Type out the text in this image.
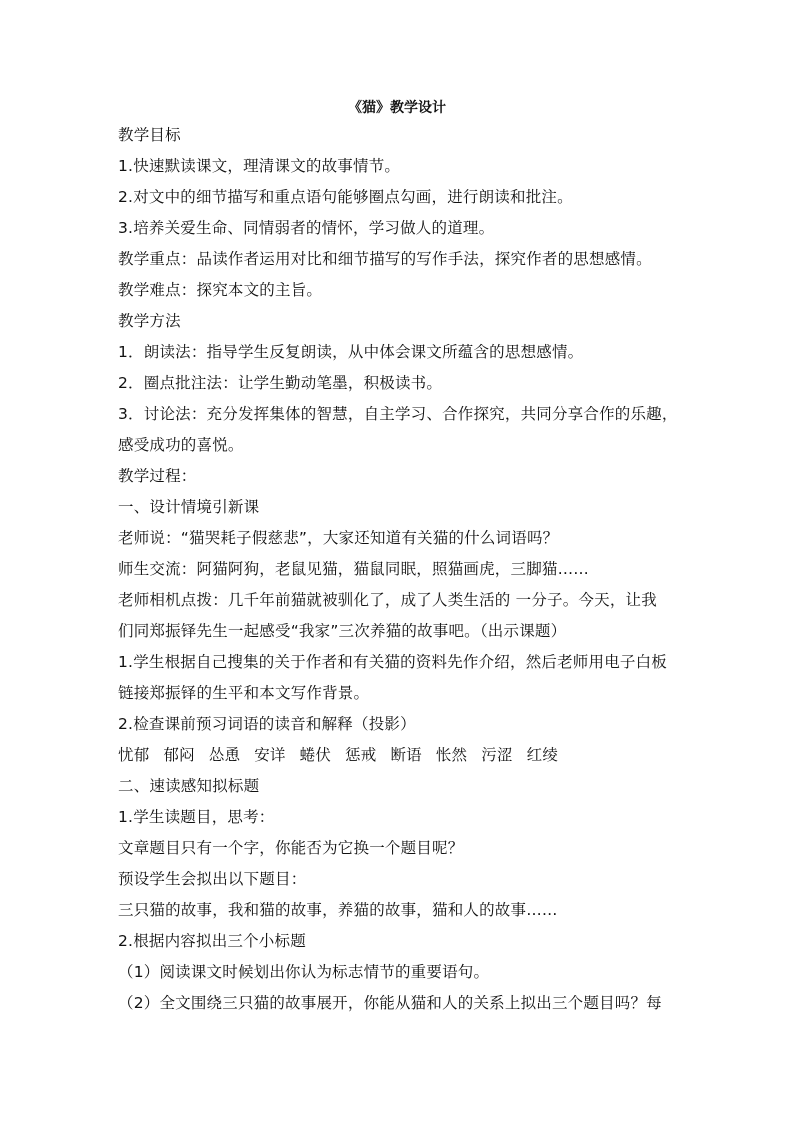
《猫》教学设计
教学目标
1.快速默读课文，理清课文的故事情节。
2.对文中的细节描写和重点语句能够圈点勾画，进行朗读和批注。
3.培养关爱生命、同情弱者的情怀，学习做人的道理。
教学重点：品读作者运用对比和细节描写的写作手法，探究作者的思想感情。
教学难点：探究本文的主旨。
教学方法
1．朗读法：指导学生反复朗读，从中体会课文所蕴含的思想感情。
2．圈点批注法：让学生勤动笔墨，积极读书。
3．讨论法：充分发挥集体的智慧，自主学习、合作探究，共同分享合作的乐趣，
感受成功的喜悦。
教学过程：
一、设计情境引新课
老师说：“猫哭耗子假慈悲”，大家还知道有关猫的什么词语吗？
师生交流：阿猫阿狗，老鼠见猫，猫鼠同眠，照猫画虎，三脚猫……
老师相机点拨：几千年前猫就被驯化了，成了人类生活的 一分子。今天，让我
们同郑振铎先生一起感受“我家”三次养猫的故事吧。（出示课题）
1.学生根据自己搜集的关于作者和有关猫的资料先作介绍，然后老师用电子白板
链接郑振铎的生平和本文写作背景。
2.检查课前预习词语的读音和解释（投影）
忧郁 郁闷 怂恿 安详 蜷伏 惩戒 断语 怅然 污涩 红绫
二、速读感知拟标题
1.学生读题目，思考：
文章题目只有一个字，你能否为它换一个题目呢？
预设学生会拟出以下题目：
三只猫的故事，我和猫的故事，养猫的故事，猫和人的故事……
2.根据内容拟出三个小标题
（1）阅读课文时候划出你认为标志情节的重要语句。
（2）全文围绕三只猫的故事展开，你能从猫和人的关系上拟出三个题目吗？每
